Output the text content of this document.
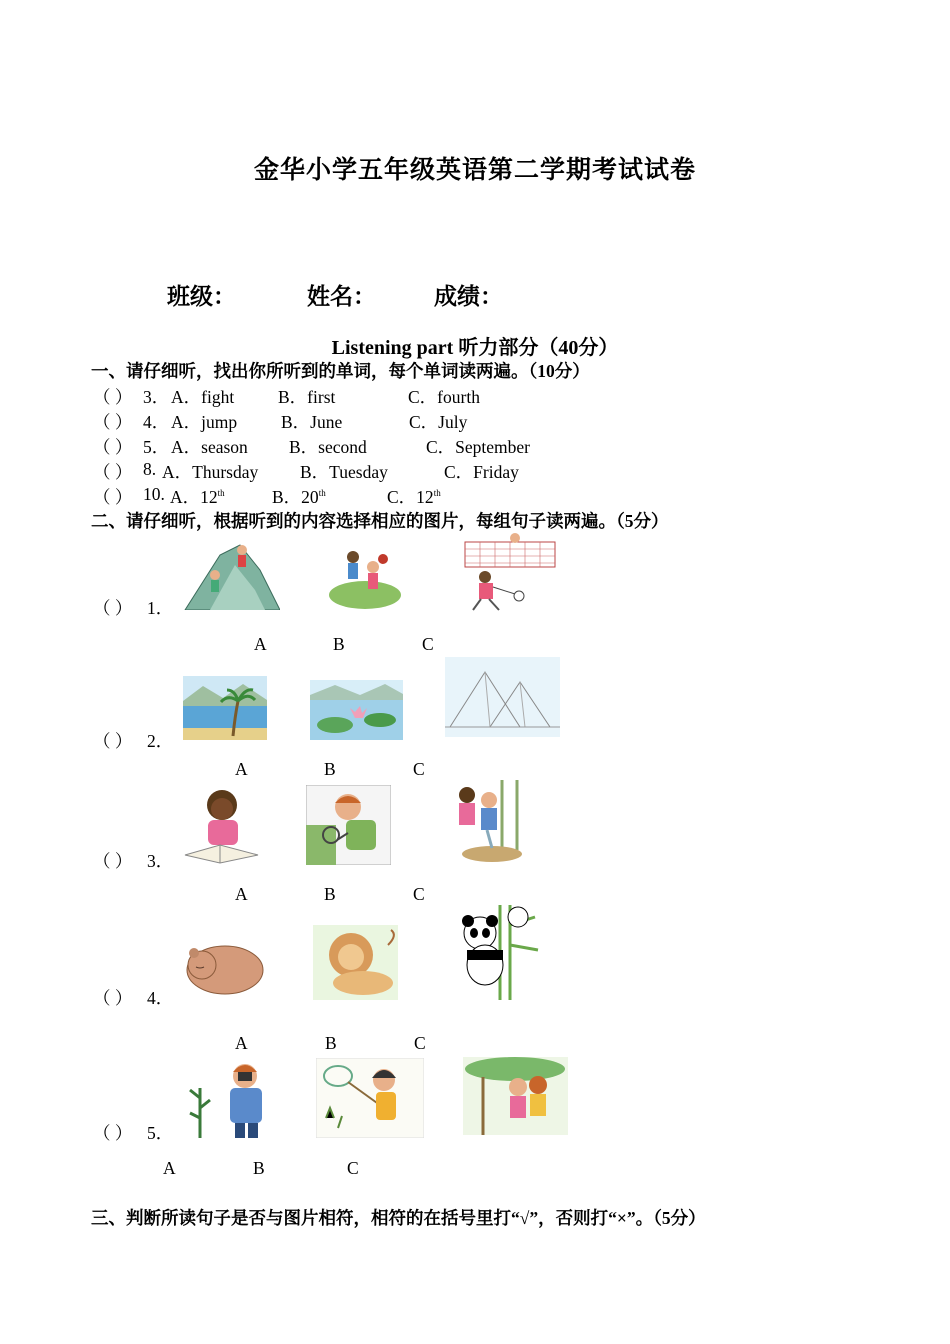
金华小学五年级英语第二学期考试试卷
班级：	姓名：	成绩：
Listening part 听力部分（40分）
一、请仔细听，找出你所听到的单词，每个单词读两遍。（10分）
（ ） 3． A．fight	B．first	C．fourth
（ ） 4． A．jump	B．June	C．July
（ ） 5． A．season B．second	C．September
（ ） 8. A．Thursday B．Tuesday	C．Friday
（ ） 10. A．12th	B．20th	C．12th
二、请仔细听，根据听到的内容选择相应的图片，每组句子读两遍。（5分）
（ ） 1．
A	B	C
（ ） 2．
A	B	C
（ ） 3．
A	B	C
（ ） 4．
A	B	C
（ ） 5．
A	B	C
三、判断所读句子是否与图片相符，相符的在括号里打“√”，否则打“×”。（5分）
